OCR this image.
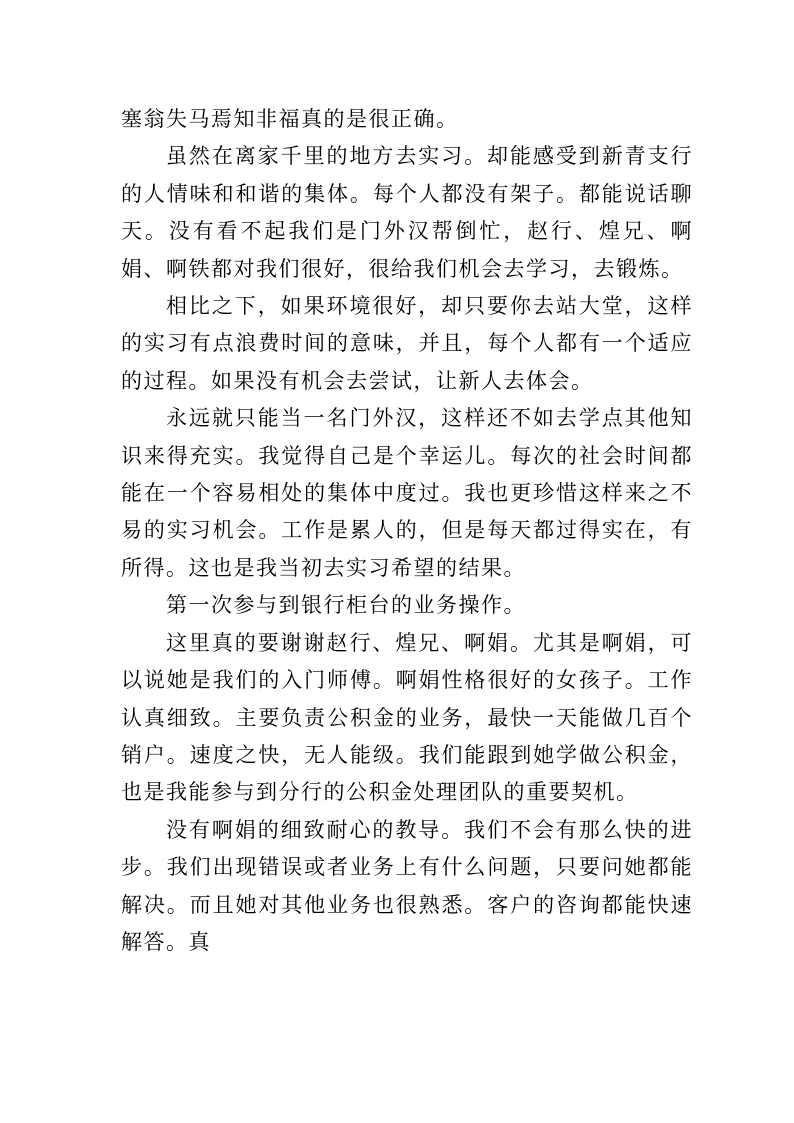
塞翁失马焉知非福真的是很正确。

虽然在离家千里的地方去实习。却能感受到新青支行的人情味和和谐的集体。每个人都没有架子。都能说话聊天。没有看不起我们是门外汉帮倒忙，赵行、煌兄、啊娟、啊铁都对我们很好，很给我们机会去学习，去锻炼。

相比之下，如果环境很好，却只要你去站大堂，这样的实习有点浪费时间的意味，并且，每个人都有一个适应的过程。如果没有机会去尝试，让新人去体会。

永远就只能当一名门外汉，这样还不如去学点其他知识来得充实。我觉得自己是个幸运儿。每次的社会时间都能在一个容易相处的集体中度过。我也更珍惜这样来之不易的实习机会。工作是累人的，但是每天都过得实在，有所得。这也是我当初去实习希望的结果。

第一次参与到银行柜台的业务操作。

这里真的要谢谢赵行、煌兄、啊娟。尤其是啊娟，可以说她是我们的入门师傅。啊娟性格很好的女孩子。工作认真细致。主要负责公积金的业务，最快一天能做几百个销户。速度之快，无人能级。我们能跟到她学做公积金，也是我能参与到分行的公积金处理团队的重要契机。

没有啊娟的细致耐心的教导。我们不会有那么快的进步。我们出现错误或者业务上有什么问题，只要问她都能解决。而且她对其他业务也很熟悉。客户的咨询都能快速解答。真
